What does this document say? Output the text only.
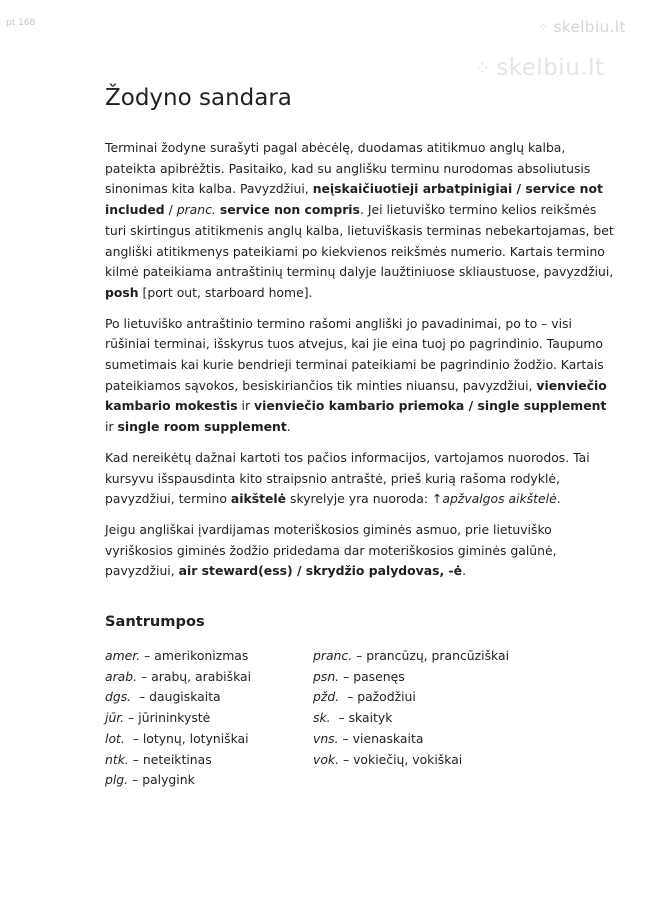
pt 168	⁘ skelbiu.lt
⁘ skelbiu.lt
Žodyno sandara

Terminai žodyne surašyti pagal abėcėlę, duodamas atitikmuo anglų kalba, pateikta apibrėžtis. Pasitaiko, kad su anglišku terminu nurodomas absoliutusis sinonimas kita kalba. Pavyzdžiui, neįskaičiuotieji arbatpinigiai / service not included / pranc. service non compris. Jei lietuviško termino kelios reikšmės turi skirtingus atitikmenis anglų kalba, lietuviškasis terminas nebekartojamas, bet angliški atitikmenys pateikiami po kiekvienos reikšmės numerio. Kartais termino kilmė pateikiama antraštinių terminų dalyje laužtiniuose skliaustuose, pavyzdžiui, posh [port out, starboard home].

Po lietuviško antraštinio termino rašomi angliški jo pavadinimai, po to – visi rūšiniai terminai, išskyrus tuos atvejus, kai jie eina tuoj po pagrindinio. Taupumo sumetimais kai kurie bendrieji terminai pateikiami be pagrindinio žodžio. Kartais pateikiamos sąvokos, besiskiriančios tik minties niuansu, pavyzdžiui, vienviečio kambario mokestis ir vienviečio kambario priemoka / single supplement ir single room supplement.

Kad nereikėtų dažnai kartoti tos pačios informacijos, vartojamos nuorodos. Tai kursyvu išspausdinta kito straipsnio antraštė, prieš kurią rašoma rodyklė, pavyzdžiui, termino aikštelė skyrelyje yra nuoroda: ↑apžvalgos aikštelė.

Jeigu angliškai įvardijamas moteriškosios giminės asmuo, prie lietuviško vyriškosios giminės žodžio pridedama dar moteriškosios giminės galūnė, pavyzdžiui, air steward(ess) / skrydžio palydovas, -ė.

Santrumpos
amer. – amerikonizmas
arab. – arabų, arabiškai
dgs.  – daugiskaita
jūr. – jūrininkystė
lot.  – lotynų, lotyniškai
ntk. – neteiktinas
plg. – palygink
pranc. – prancūzų, prancūziškai
psn. – pasenęs
pžd.  – pažodžiui
sk.  – skaityk
vns. – vienaskaita
vok. – vokiečių, vokiškai
